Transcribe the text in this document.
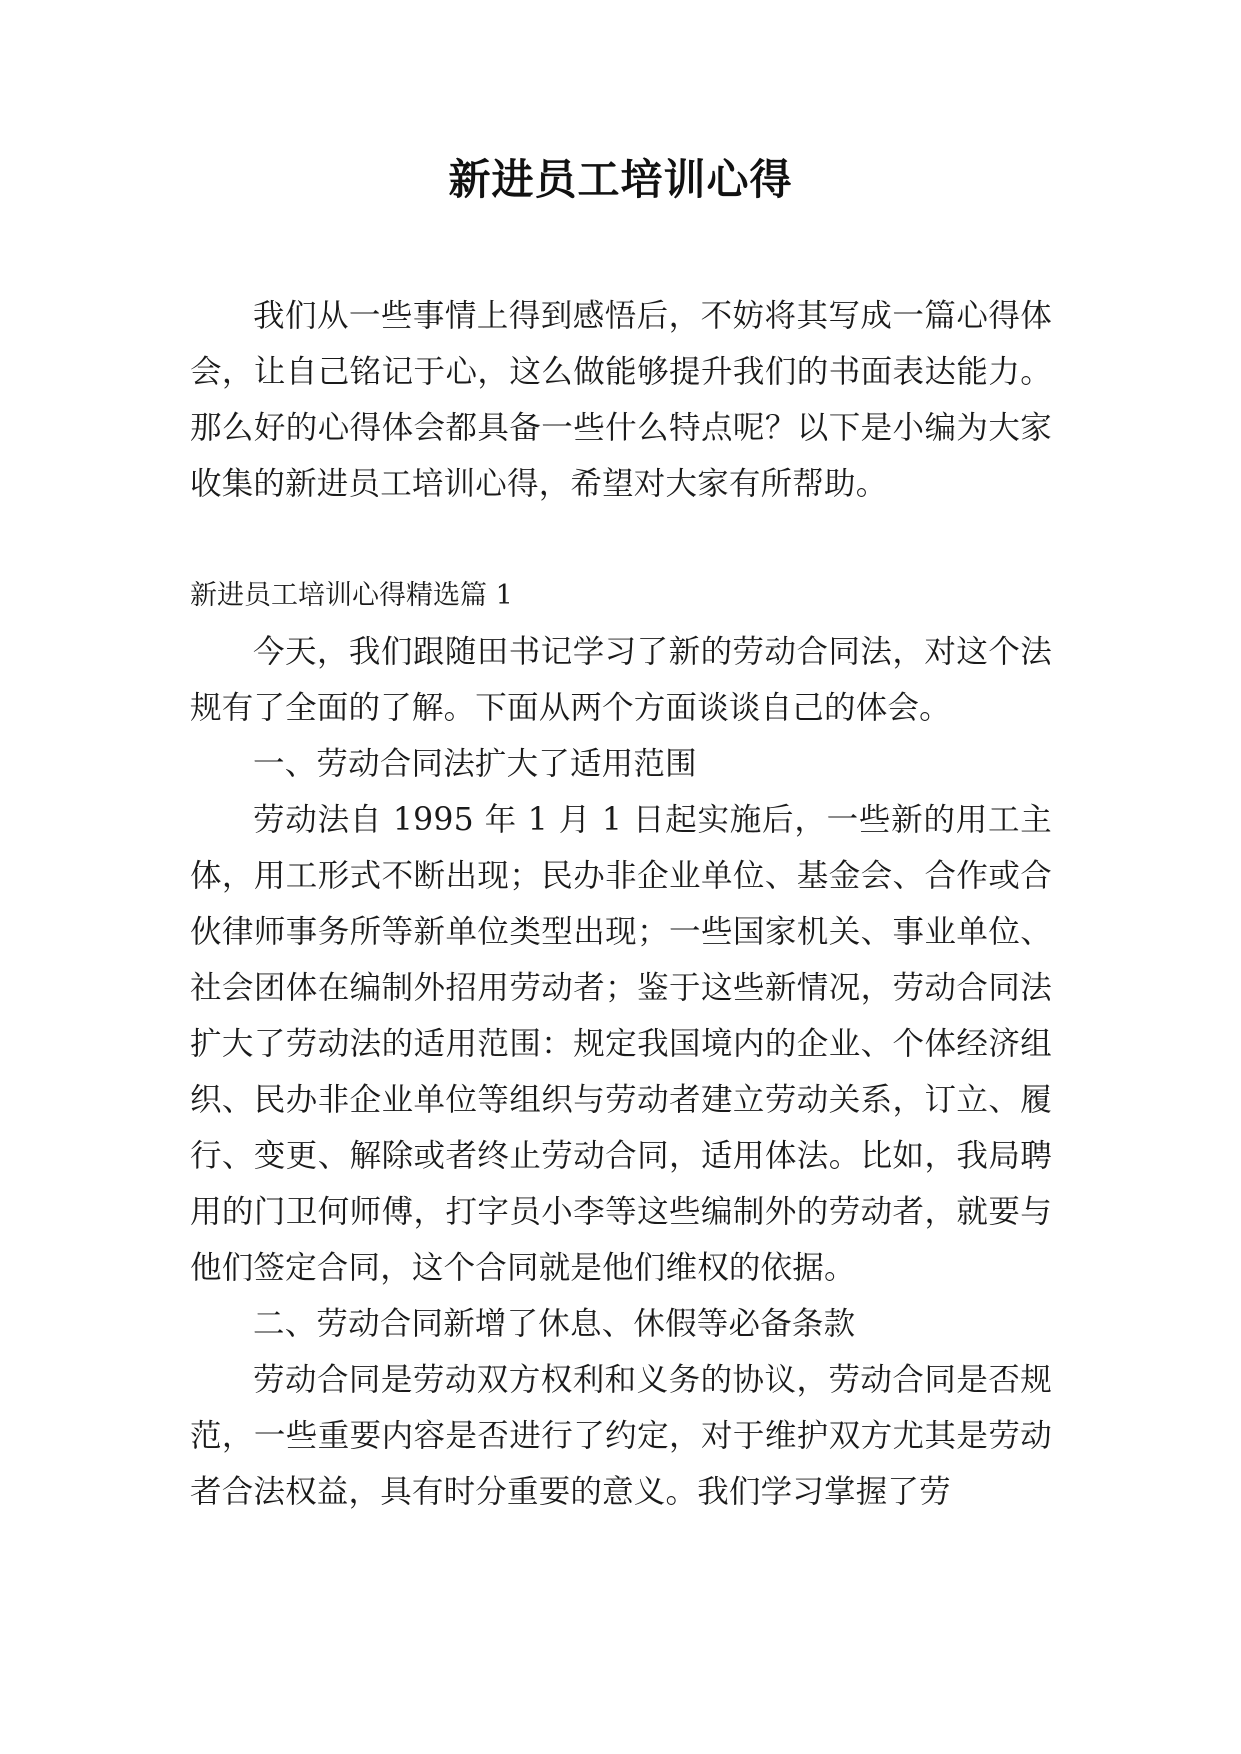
新进员工培训心得

我们从一些事情上得到感悟后，不妨将其写成一篇心得体会，让自己铭记于心，这么做能够提升我们的书面表达能力。那么好的心得体会都具备一些什么特点呢？以下是小编为大家收集的新进员工培训心得，希望对大家有所帮助。

新进员工培训心得精选篇 1

今天，我们跟随田书记学习了新的劳动合同法，对这个法规有了全面的了解。下面从两个方面谈谈自己的体会。

一、劳动合同法扩大了适用范围

劳动法自 1995 年 1 月 1 日起实施后，一些新的用工主体，用工形式不断出现；民办非企业单位、基金会、合作或合伙律师事务所等新单位类型出现；一些国家机关、事业单位、社会团体在编制外招用劳动者；鉴于这些新情况，劳动合同法扩大了劳动法的适用范围：规定我国境内的企业、个体经济组织、民办非企业单位等组织与劳动者建立劳动关系，订立、履行、变更、解除或者终止劳动合同，适用体法。比如，我局聘用的门卫何师傅，打字员小李等这些编制外的劳动者，就要与他们签定合同，这个合同就是他们维权的依据。

二、劳动合同新增了休息、休假等必备条款

劳动合同是劳动双方权利和义务的协议，劳动合同是否规范，一些重要内容是否进行了约定，对于维护双方尤其是劳动者合法权益，具有时分重要的意义。我们学习掌握了劳
